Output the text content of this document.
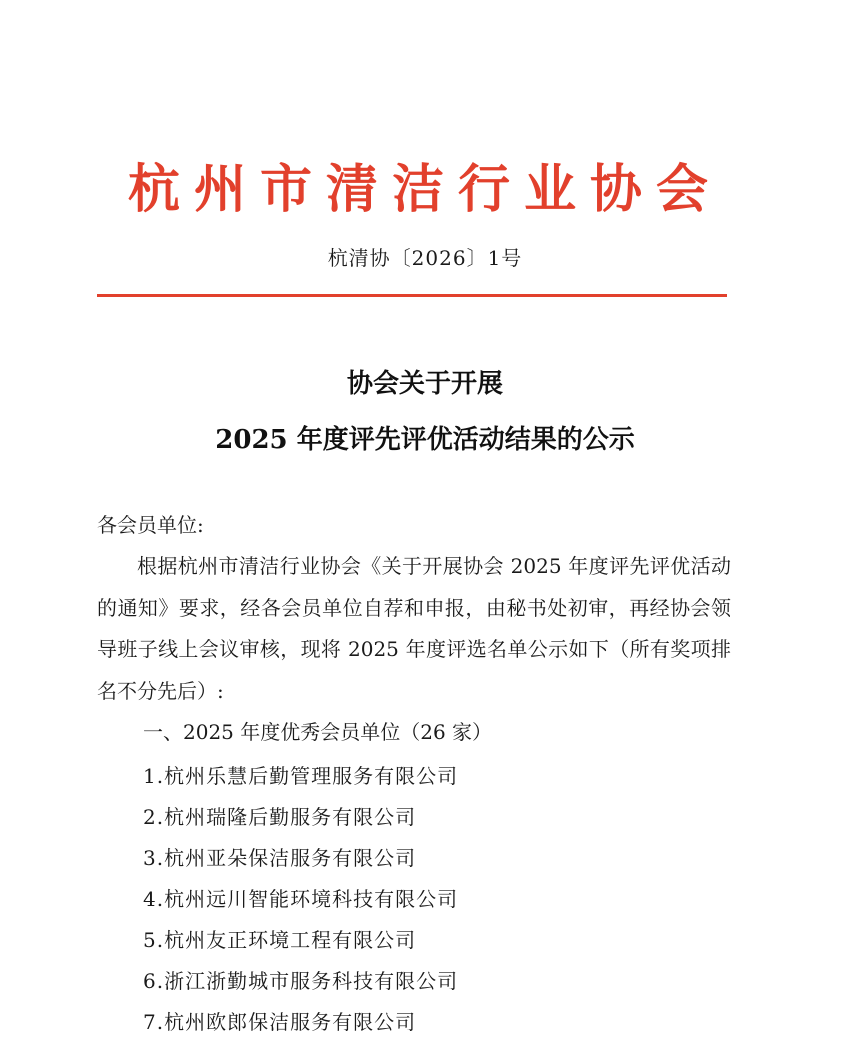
杭州市清洁行业协会
杭清协〔2026〕1号
协会关于开展
2025 年度评先评优活动结果的公示
各会员单位:

根据杭州市清洁行业协会《关于开展协会 2025 年度评先评优活动的通知》要求，经各会员单位自荐和申报，由秘书处初审，再经协会领导班子线上会议审核，现将 2025 年度评选名单公示如下（所有奖项排名不分先后）:

一、2025 年度优秀会员单位（26 家）
1.杭州乐慧后勤管理服务有限公司
2.杭州瑞隆后勤服务有限公司
3.杭州亚朵保洁服务有限公司
4.杭州远川智能环境科技有限公司
5.杭州友正环境工程有限公司
6.浙江浙勤城市服务科技有限公司
7.杭州欧郎保洁服务有限公司
